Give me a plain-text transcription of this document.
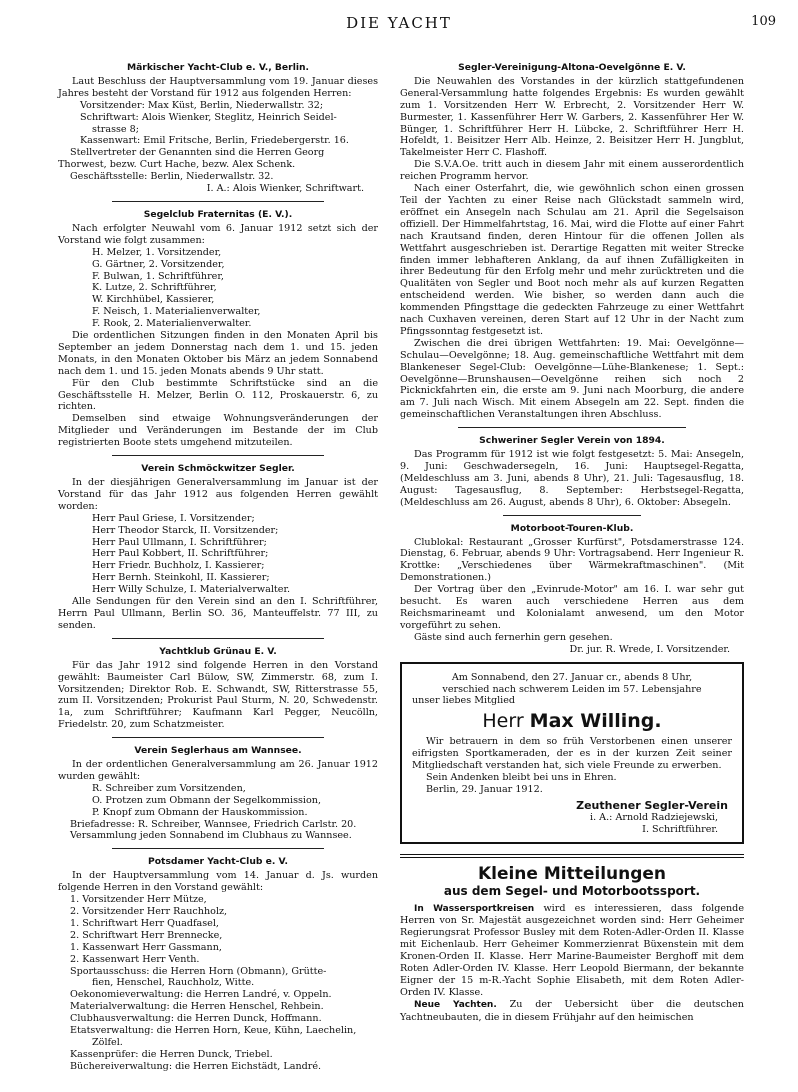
DIE YACHT	109
Märkischer Yacht-Club e. V., Berlin.

Laut Beschluss der Hauptversammlung vom 19. Januar dieses Jahres besteht der Vorstand für 1912 aus folgenden Herren:

Vorsitzender: Max Küst, Berlin, Niederwallstr. 32;
Schriftwart: Alois Wienker, Steglitz, Heinrich Seidel-
strasse 8;
Kassenwart: Emil Fritsche, Berlin, Friedebergerstr. 16.
Stellvertreter der Genannten sind die Herren Georg
Thorwest, bezw. Curt Hache, bezw. Alex Schenk.
Geschäftsstelle: Berlin, Niederwallstr. 32.
I. A.: Alois Wienker, Schriftwart.
Segelclub Fraternitas (E. V.).

Nach erfolgter Neuwahl vom 6. Januar 1912 setzt sich der Vorstand wie folgt zusammen:

H. Melzer, 1. Vorsitzender,
G. Gärtner, 2. Vorsitzender,
F. Bulwan, 1. Schriftführer,
K. Lutze, 2. Schriftführer,
W. Kirchhübel, Kassierer,
F. Neisch, 1. Materialienverwalter,
F. Rook, 2. Materialienverwalter.

Die ordentlichen Sitzungen finden in den Monaten April bis September an jedem Donnerstag nach dem 1. und 15. jeden Monats, in den Monaten Oktober bis März an jedem Sonnabend nach dem 1. und 15. jeden Monats abends 9 Uhr statt.

Für den Club bestimmte Schriftstücke sind an die Geschäftsstelle H. Melzer, Berlin O. 112, Proskauerstr. 6, zu richten.

Demselben sind etwaige Wohnungsveränderungen der Mitglieder und Veränderungen im Bestande der im Club registrierten Boote stets umgehend mitzuteilen.

Verein Schmöckwitzer Segler.

In der diesjährigen Generalversammlung im Januar ist der Vorstand für das Jahr 1912 aus folgenden Herren gewählt worden:

Herr Paul Griese, I. Vorsitzender;
Herr Theodor Starck, II. Vorsitzender;
Herr Paul Ullmann, I. Schriftführer;
Herr Paul Kobbert, II. Schriftführer;
Herr Friedr. Buchholz, I. Kassierer;
Herr Bernh. Steinkohl, II. Kassierer;
Herr Willy Schulze, I. Materialverwalter.

Alle Sendungen für den Verein sind an den I. Schriftführer, Herrn Paul Ullmann, Berlin SO. 36, Manteuffelstr. 77 III, zu senden.

Yachtklub Grünau E. V.

Für das Jahr 1912 sind folgende Herren in den Vorstand gewählt: Baumeister Carl Bülow, SW, Zimmerstr. 68, zum I. Vorsitzenden; Direktor Rob. E. Schwandt, SW, Ritterstrasse 55, zum II. Vorsitzenden; Prokurist Paul Sturm, N. 20, Schwedenstr. 1a, zum Schriftführer; Kaufmann Karl Pegger, Neucölln, Friedelstr. 20, zum Schatzmeister.

Verein Seglerhaus am Wannsee.

In der ordentlichen Generalversammlung am 26. Januar 1912 wurden gewählt:

R. Schreiber zum Vorsitzenden,
O. Protzen zum Obmann der Segelkommission,
P. Knopf zum Obmann der Hauskommission.
Briefadresse: R. Schreiber, Wannsee, Friedrich Carlstr. 20.
Versammlung jeden Sonnabend im Clubhaus zu Wannsee.
Potsdamer Yacht-Club e. V.

In der Hauptversammlung vom 14. Januar d. Js. wurden folgende Herren in den Vorstand gewählt:

1. Vorsitzender Herr Mütze,
2. Vorsitzender Herr Rauchholz,
1. Schriftwart Herr Quadfasel,
2. Schriftwart Herr Brennecke,
1. Kassenwart Herr Gassmann,
2. Kassenwart Herr Venth.
Sportausschuss: die Herren Horn (Obmann), Grütte-
fien, Henschel, Rauchholz, Witte.
Oekonomieverwaltung: die Herren Landré, v. Oppeln.
Materialverwaltung: die Herren Henschel, Rehbein.
Clubhausverwaltung: die Herren Dunck, Hoffmann.
Etatsverwaltung: die Herren Horn, Keue, Kühn, Laechelin,
Zölfel.
Kassenprüfer: die Herren Dunck, Triebel.
Büchereiverwaltung: die Herren Eichstädt, Landré.
Segler-Vereinigung-Altona-Oevelgönne E. V.

Die Neuwahlen des Vorstandes in der kürzlich stattgefundenen General-Versammlung hatte folgendes Ergebnis: Es wurden gewählt zum 1. Vorsitzenden Herr W. Erbrecht, 2. Vorsitzender Herr W. Burmester, 1. Kassenführer Herr W. Garbers, 2. Kassenführer Her W. Bünger, 1. Schriftführer Herr H. Lübcke, 2. Schriftführer Herr H. Hofeldt, 1. Beisitzer Herr Alb. Heinze, 2. Beisitzer Herr H. Jungblut, Takelmeister Herr C. Flashoff.

Die S.V.A.Oe. tritt auch in diesem Jahr mit einem ausserordentlich reichen Programm hervor.

Nach einer Osterfahrt, die, wie gewöhnlich schon einen grossen Teil der Yachten zu einer Reise nach Glückstadt sammeln wird, eröffnet ein Ansegeln nach Schulau am 21. April die Segelsaison offiziell. Der Himmelfahrtstag, 16. Mai, wird die Flotte auf einer Fahrt nach Krautsand finden, deren Hintour für die offenen Jollen als Wettfahrt ausgeschrieben ist. Derartige Regatten mit weiter Strecke finden immer lebhafteren Anklang, da auf ihnen Zufälligkeiten in ihrer Bedeutung für den Erfolg mehr und mehr zurücktreten und die Qualitäten von Segler und Boot noch mehr als auf kurzen Regatten entscheidend werden. Wie bisher, so werden dann auch die kommenden Pfingsttage die gedeckten Fahrzeuge zu einer Wettfahrt nach Cuxhaven vereinen, deren Start auf 12 Uhr in der Nacht zum Pfingssonntag festgesetzt ist.

Zwischen die drei übrigen Wettfahrten: 19. Mai: Oevelgönne—Schulau—Oevelgönne; 18. Aug. gemeinschaftliche Wettfahrt mit dem Blankeneser Segel-Club: Oevelgönne—Lühe-Blankenese; 1. Sept.: Oevelgönne—Brunshausen—Oevelgönne reihen sich noch 2 Picknickfahrten ein, die erste am 9. Juni nach Moorburg, die andere am 7. Juli nach Wisch. Mit einem Absegeln am 22. Sept. finden die gemeinschaftlichen Veranstaltungen ihren Abschluss.

Schweriner Segler Verein von 1894.

Das Programm für 1912 ist wie folgt festgesetzt: 5. Mai: Ansegeln, 9. Juni: Geschwadersegeln, 16. Juni: Hauptsegel-Regatta, (Meldeschluss am 3. Juni, abends 8 Uhr), 21. Juli: Tagesausflug, 18. August: Tagesausflug, 8. September: Herbstsegel-Regatta, (Meldeschluss am 26. August, abends 8 Uhr), 6. Oktober: Absegeln.

Motorboot-Touren-Klub.

Clublokal: Restaurant „Grosser Kurfürst", Potsdamerstrasse 124. Dienstag, 6. Februar, abends 9 Uhr: Vortragsabend. Herr Ingenieur R. Krottke: „Verschiedenes über Wärmekraftmaschinen". (Mit Demonstrationen.)

Der Vortrag über den „Evinrude-Motor" am 16. I. war sehr gut besucht. Es waren auch verschiedene Herren aus dem Reichsmarineamt und Kolonialamt anwesend, um den Motor vorgeführt zu sehen.

Gäste sind auch fernerhin gern gesehen.

Dr. jur. R. Wrede, I. Vorsitzender.
Am Sonnabend, den 27. Januar cr., abends 8 Uhr,
verschied nach schwerem Leiden im 57. Lebensjahre
unser liebes Mitglied
Herr Max Willing.

Wir betrauern in dem so früh Verstorbenen einen unserer eifrigsten Sportkameraden, der es in der kurzen Zeit seiner Mitgliedschaft verstanden hat, sich viele Freunde zu erwerben.

Sein Andenken bleibt bei uns in Ehren.

Berlin, 29. Januar 1912.

Zeuthener Segler-Verein
i. A.: Arnold Radziejewski,
I. Schriftführer.
Kleine Mitteilungen
aus dem Segel- und Motorbootssport.

In Wassersportkreisen wird es interessieren, dass folgende Herren von Sr. Majestät ausgezeichnet worden sind: Herr Geheimer Regierungsrat Professor Busley mit dem Roten-Adler-Orden II. Klasse mit Eichenlaub. Herr Geheimer Kommerzienrat Büxenstein mit dem Kronen-Orden II. Klasse. Herr Marine-Baumeister Berghoff mit dem Roten Adler-Orden IV. Klasse. Herr Leopold Biermann, der bekannte Eigner der 15 m-R.-Yacht Sophie Elisabeth, mit dem Roten Adler-Orden IV. Klasse.

Neue Yachten. Zu der Uebersicht über die deutschen Yachtneubauten, die in diesem Frühjahr auf den heimischen
